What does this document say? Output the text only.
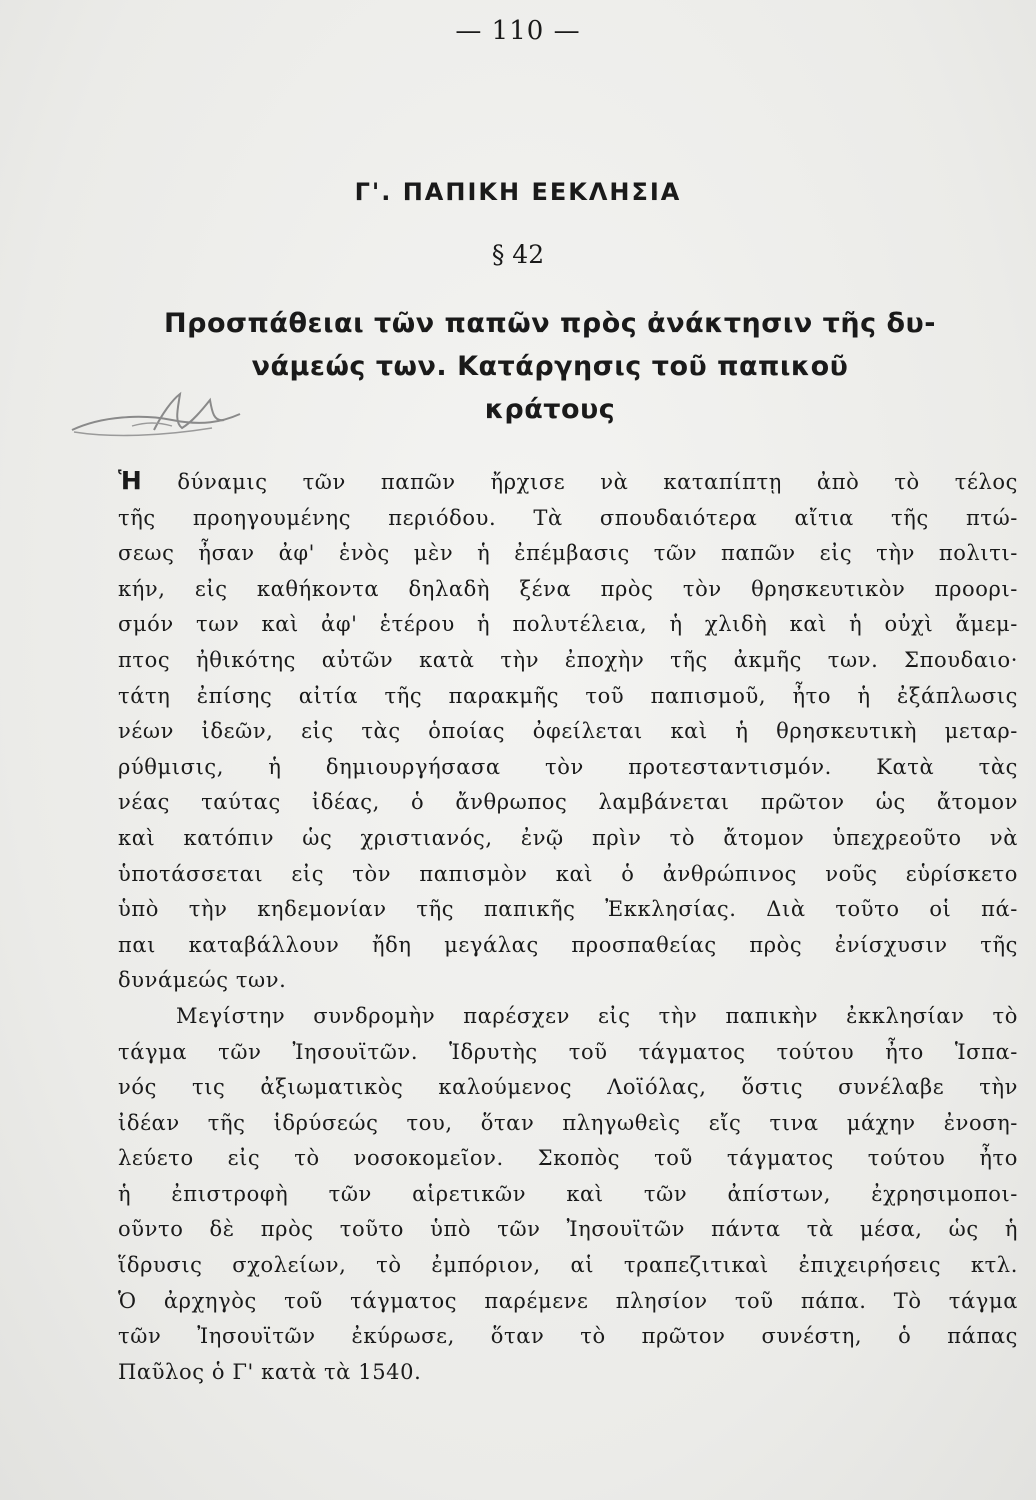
— 110 —
Γ'. ΠΑΠΙΚΗ ΕΕΚΛΗΣΙΑ
§ 42
Προσπάθειαι τῶν παπῶν πρὸς ἀνάκτησιν τῆς δυ-
νάμεώς των. Κατάργησις τοῦ παπικοῦ
κράτους
Ἡ δύναμις τῶν παπῶν ἤρχισε νὰ καταπίπτῃ ἀπὸ τὸ τέλος
τῆς προηγουμένης περιόδου. Τὰ σπουδαιότερα αἴτια τῆς πτώ-
σεως ἦσαν ἀφ' ἑνὸς μὲν ἡ ἐπέμβασις τῶν παπῶν εἰς τὴν πολιτι-
κήν, εἰς καθήκοντα δηλαδὴ ξένα πρὸς τὸν θρησκευτικὸν προορι-
σμόν των καὶ ἀφ' ἑτέρου ἡ πολυτέλεια, ἡ χλιδὴ καὶ ἡ οὐχὶ ἄμεμ-
πτος ἠθικότης αὐτῶν κατὰ τὴν ἐποχὴν τῆς ἀκμῆς των. Σπουδαιο·
τάτη ἐπίσης αἰτία τῆς παρακμῆς τοῦ παπισμοῦ, ἦτο ἡ ἐξάπλωσις
νέων ἰδεῶν, εἰς τὰς ὁποίας ὀφείλεται καὶ ἡ θρησκευτικὴ μεταρ-
ρύθμισις, ἡ δημιουργήσασα τὸν προτεσταντισμόν. Κατὰ τὰς
νέας ταύτας ἰδέας, ὁ ἄνθρωπος λαμβάνεται πρῶτον ὡς ἄτομον
καὶ κατόπιν ὡς χριστιανός, ἐνῷ πρὶν τὸ ἄτομον ὑπεχρεοῦτο νὰ
ὑποτάσσεται εἰς τὸν παπισμὸν καὶ ὁ ἀνθρώπινος νοῦς εὑρίσκετο
ὑπὸ τὴν κηδεμονίαν τῆς παπικῆς Ἐκκλησίας. Διὰ τοῦτο οἱ πά-
παι καταβάλλουν ἤδη μεγάλας προσπαθείας πρὸς ἐνίσχυσιν τῆς
δυνάμεώς των.
Μεγίστην συνδρομὴν παρέσχεν εἰς τὴν παπικὴν ἐκκλησίαν τὸ
τάγμα τῶν Ἰησουϊτῶν. Ἱδρυτὴς τοῦ τάγματος τούτου ἦτο Ἱσπα-
νός τις ἀξιωματικὸς καλούμενος Λοϊόλας, ὅστις συνέλαβε τὴν
ἰδέαν τῆς ἱδρύσεώς του, ὅταν πληγωθεὶς εἴς τινα μάχην ἐνοση-
λεύετο εἰς τὸ νοσοκομεῖον. Σκοπὸς τοῦ τάγματος τούτου ἦτο
ἡ ἐπιστροφὴ τῶν αἱρετικῶν καὶ τῶν ἀπίστων, ἐχρησιμοποι-
οῦντο δὲ πρὸς τοῦτο ὑπὸ τῶν Ἰησουϊτῶν πάντα τὰ μέσα, ὡς ἡ
ἵδρυσις σχολείων, τὸ ἐμπόριον, αἱ τραπεζιτικαὶ ἐπιχειρήσεις κτλ.
Ὁ ἀρχηγὸς τοῦ τάγματος παρέμενε πλησίον τοῦ πάπα. Τὸ τάγμα
τῶν Ἰησουϊτῶν ἐκύρωσε, ὅταν τὸ πρῶτον συνέστη, ὁ πάπας
Παῦλος ὁ Γ' κατὰ τὰ 1540.
